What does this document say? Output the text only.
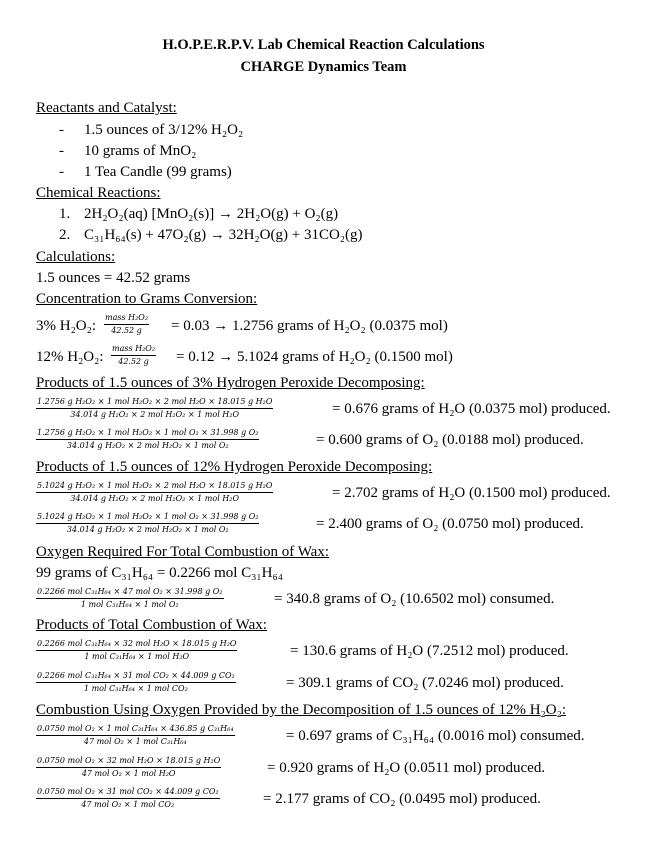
H.O.P.E.R.P.V. Lab Chemical Reaction Calculations
CHARGE Dynamics Team
Reactants and Catalyst:
- 1.5 ounces of 3/12% H₂O₂
- 10 grams of MnO₂
- 1 Tea Candle (99 grams)
Chemical Reactions:
1. 2H₂O₂(aq) [MnO₂(s)] → 2H₂O(g) + O₂(g)
2. C₃₁H₆₄(s) + 47O₂(g) → 32H₂O(g) + 31CO₂(g)
Calculations:
1.5 ounces = 42.52 grams
Concentration to Grams Conversion:
3% H₂O₂:
mass H₂O₂
42.52 g = 0.03 → 1.2756 grams of H₂O₂ (0.0375 mol)
12% H₂O₂:
mass H₂O₂
42.52 g = 0.12 → 5.1024 grams of H₂O₂ (0.1500 mol)
Products of 1.5 ounces of 3% Hydrogen Peroxide Decomposing:
1.2756 g H₂O₂ × 1 mol H₂O₂ × 2 mol H₂O × 18.015 g H₂O
34.014 g H₂O₂ × 2 mol H₂O₂ × 1 mol H₂O	= 0.676 grams of H₂O (0.0375 mol) produced.
1.2756 g H₂O₂ × 1 mol H₂O₂ × 1 mol O₂ × 31.998 g O₂
34.014 g H₂O₂ × 2 mol H₂O₂ × 1 mol O₂	= 0.600 grams of O₂ (0.0188 mol) produced.
Products of 1.5 ounces of 12% Hydrogen Peroxide Decomposing:
5.1024 g H₂O₂ × 1 mol H₂O₂ × 2 mol H₂O × 18.015 g H₂O
34.014 g H₂O₂ × 2 mol H₂O₂ × 1 mol H₂O	= 2.702 grams of H₂O (0.1500 mol) produced.
5.1024 g H₂O₂ × 1 mol H₂O₂ × 1 mol O₂ × 31.998 g O₂
34.014 g H₂O₂ × 2 mol H₂O₂ × 1 mol O₂	= 2.400 grams of O₂ (0.0750 mol) produced.
Oxygen Required For Total Combustion of Wax:
99 grams of C₃₁H₆₄ = 0.2266 mol C₃₁H₆₄
0.2266 mol C₃₁H₆₄ × 47 mol O₂ × 31.998 g O₂
1 mol C₃₁H₆₄ × 1 mol O₂	= 340.8 grams of O₂ (10.6502 mol) consumed.
Products of Total Combustion of Wax:
0.2266 mol C₃₁H₆₄ × 32 mol H₂O × 18.015 g H₂O
1 mol C₃₁H₆₄ × 1 mol H₂O	= 130.6 grams of H₂O (7.2512 mol) produced.
0.2266 mol C₃₁H₆₄ × 31 mol CO₂ × 44.009 g CO₂
1 mol C₃₁H₆₄ × 1 mol CO₂	= 309.1 grams of CO₂ (7.0246 mol) produced.
Combustion Using Oxygen Provided by the Decomposition of 1.5 ounces of 12% H₂O₂:
0.0750 mol O₂ × 1 mol C₃₁H₆₄ × 436.85 g C₃₁H₆₄
47 mol O₂ × 1 mol C₃₁H₆₄	= 0.697 grams of C₃₁H₆₄ (0.0016 mol) consumed.
0.0750 mol O₂ × 32 mol H₂O × 18.015 g H₂O
47 mol O₂ × 1 mol H₂O	= 0.920 grams of H₂O (0.0511 mol) produced.
0.0750 mol O₂ × 31 mol CO₂ × 44.009 g CO₂
47 mol O₂ × 1 mol CO₂	= 2.177 grams of CO₂ (0.0495 mol) produced.
